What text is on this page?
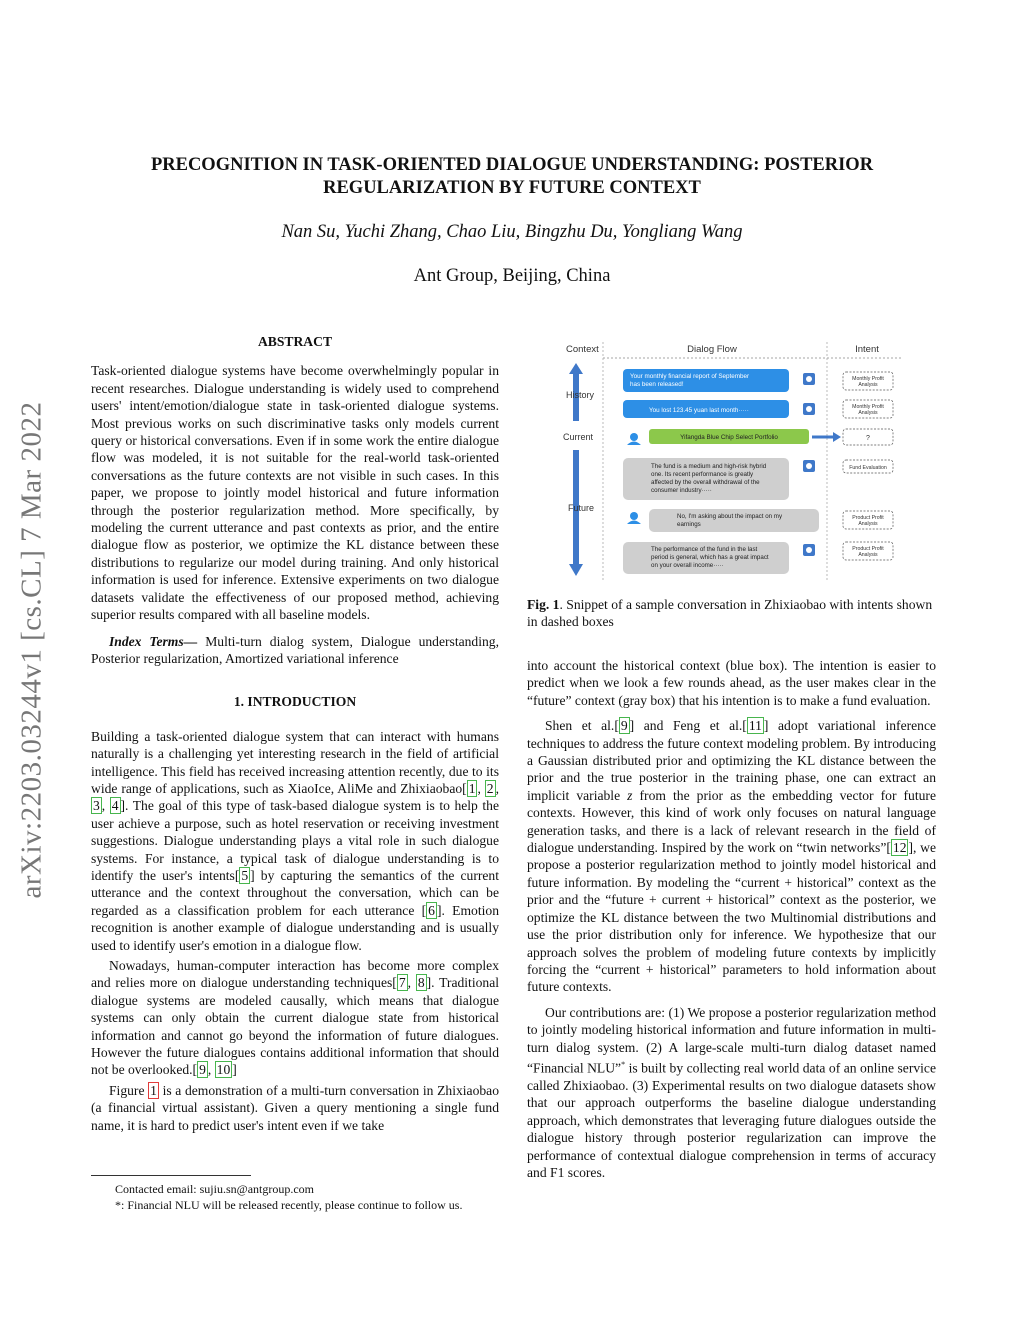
arXiv:2203.03244v1 [cs.CL] 7 Mar 2022
PRECOGNITION IN TASK-ORIENTED DIALOGUE UNDERSTANDING: POSTERIOR REGULARIZATION BY FUTURE CONTEXT
Nan Su, Yuchi Zhang, Chao Liu, Bingzhu Du, Yongliang Wang
Ant Group, Beijing, China

ABSTRACT

Task-oriented dialogue systems have become overwhelmingly popular in recent researches. Dialogue understanding is widely used to comprehend users' intent/emotion/dialogue state in task-oriented dialogue systems. Most previous works on such discriminative tasks only models current query or historical conversations. Even if in some work the entire dialogue flow was modeled, it is not suitable for the real-world task-oriented conversations as the future contexts are not visible in such cases. In this paper, we propose to jointly model historical and future information through the posterior regularization method. More specifically, by modeling the current utterance and past contexts as prior, and the entire dialogue flow as posterior, we optimize the KL distance between these distributions to regularize our model during training. And only historical information is used for inference. Extensive experiments on two dialogue datasets validate the effectiveness of our proposed method, achieving superior results compared with all baseline models.

Index Terms— Multi-turn dialog system, Dialogue understanding, Posterior regularization, Amortized variational inference

1. INTRODUCTION

Building a task-oriented dialogue system that can interact with humans naturally is a challenging yet interesting research in the field of artificial intelligence. This field has received increasing attention recently, due to its wide range of applications, such as XiaoIce, AliMe and Zhixiaobao[ 1 , 2 , 3 , 4 ]. The goal of this type of task-based dialogue system is to help the user achieve a purpose, such as hotel reservation or receiving investment suggestions. Dialogue understanding plays a vital role in such dialogue systems. For instance, a typical task of dialogue understanding is to identify the user's intents[ 5 ] by capturing the semantics of the current utterance and the context throughout the conversation, which can be regarded as a classification problem for each utterance [ 6 ]. Emotion recognition is another example of dialogue understanding and is usually used to identify user's emotion in a dialogue flow.

Nowadays, human-computer interaction has become more complex and relies more on dialogue understanding techniques[ 7 , 8 ]. Traditional dialogue systems are modeled causally, which means that dialogue systems can only obtain the current dialogue state from historical information and cannot go beyond the information of future dialogues. However the future dialogues contains additional information that should not be overlooked.[ 9 , 10 ]

Figure 1 is a demonstration of a multi-turn conversation in Zhixiaobao (a financial virtual assistant). Given a query mentioning a single fund name, it is hard to predict user's intent even if we take

Contacted email: sujiu.sn@antgroup.com
*: Financial NLU will be released recently, please continue to follow us.
Context	Dialog Flow	Intent
History
Current
Future
Your monthly financial report of September has been released!
Monthly Profit Analysis
You lost 123.45 yuan last month·····	Monthly Profit Analysis
Yifangda Blue Chip Select Portfolio	?
The fund is a medium and high-risk hybrid one. Its recent performance is greatly affected by the overall withdrawal of the consumer industry·····
Fund Evaluation
No, I'm asking about the impact on my earnings
Product Profit Analysis
The performance of the fund in the last period is general, which has a great impact on your overall income·····
Product Profit Analysis
Fig. 1. Snippet of a sample conversation in Zhixiaobao with intents shown in dashed boxes

into account the historical context (blue box). The intention is easier to predict when we look a few rounds ahead, as the user makes clear in the “future” context (gray box) that his intention is to make a fund evaluation.

Shen et al.[ 9 ] and Feng et al.[ 11 ] adopt variational inference techniques to address the future context modeling problem. By introducing a Gaussian distributed prior and optimizing the KL distance between the prior and the true posterior in the training phase, one can extract an implicit variable z from the prior as the embedding vector for future contexts. However, this kind of work only focuses on natural language generation tasks, and there is a lack of relevant research in the field of dialogue understanding. Inspired by the work on “twin networks”[ 12 ], we propose a posterior regularization method to jointly model historical and future information. By modeling the “current + historical” context as the prior and the “future + current + historical” context as the posterior, we optimize the KL distance between the two Multinomial distributions and use the prior distribution only for inference. We hypothesize that our approach solves the problem of modeling future contexts by implicitly forcing the “current + historical” parameters to hold information about future contexts.

Our contributions are: (1) We propose a posterior regularization method to jointly modeling historical information and future information in multi-turn dialog system. (2) A large-scale multi-turn dialog dataset named “Financial NLU”* is built by collecting real world data of an online service called Zhixiaobao. (3) Experimental results on two dialogue datasets show that our approach outperforms the baseline dialogue understanding approach, which demonstrates that leveraging future dialogues outside the dialogue history through posterior regularization can improve the performance of contextual dialogue comprehension in terms of accuracy and F1 scores.
